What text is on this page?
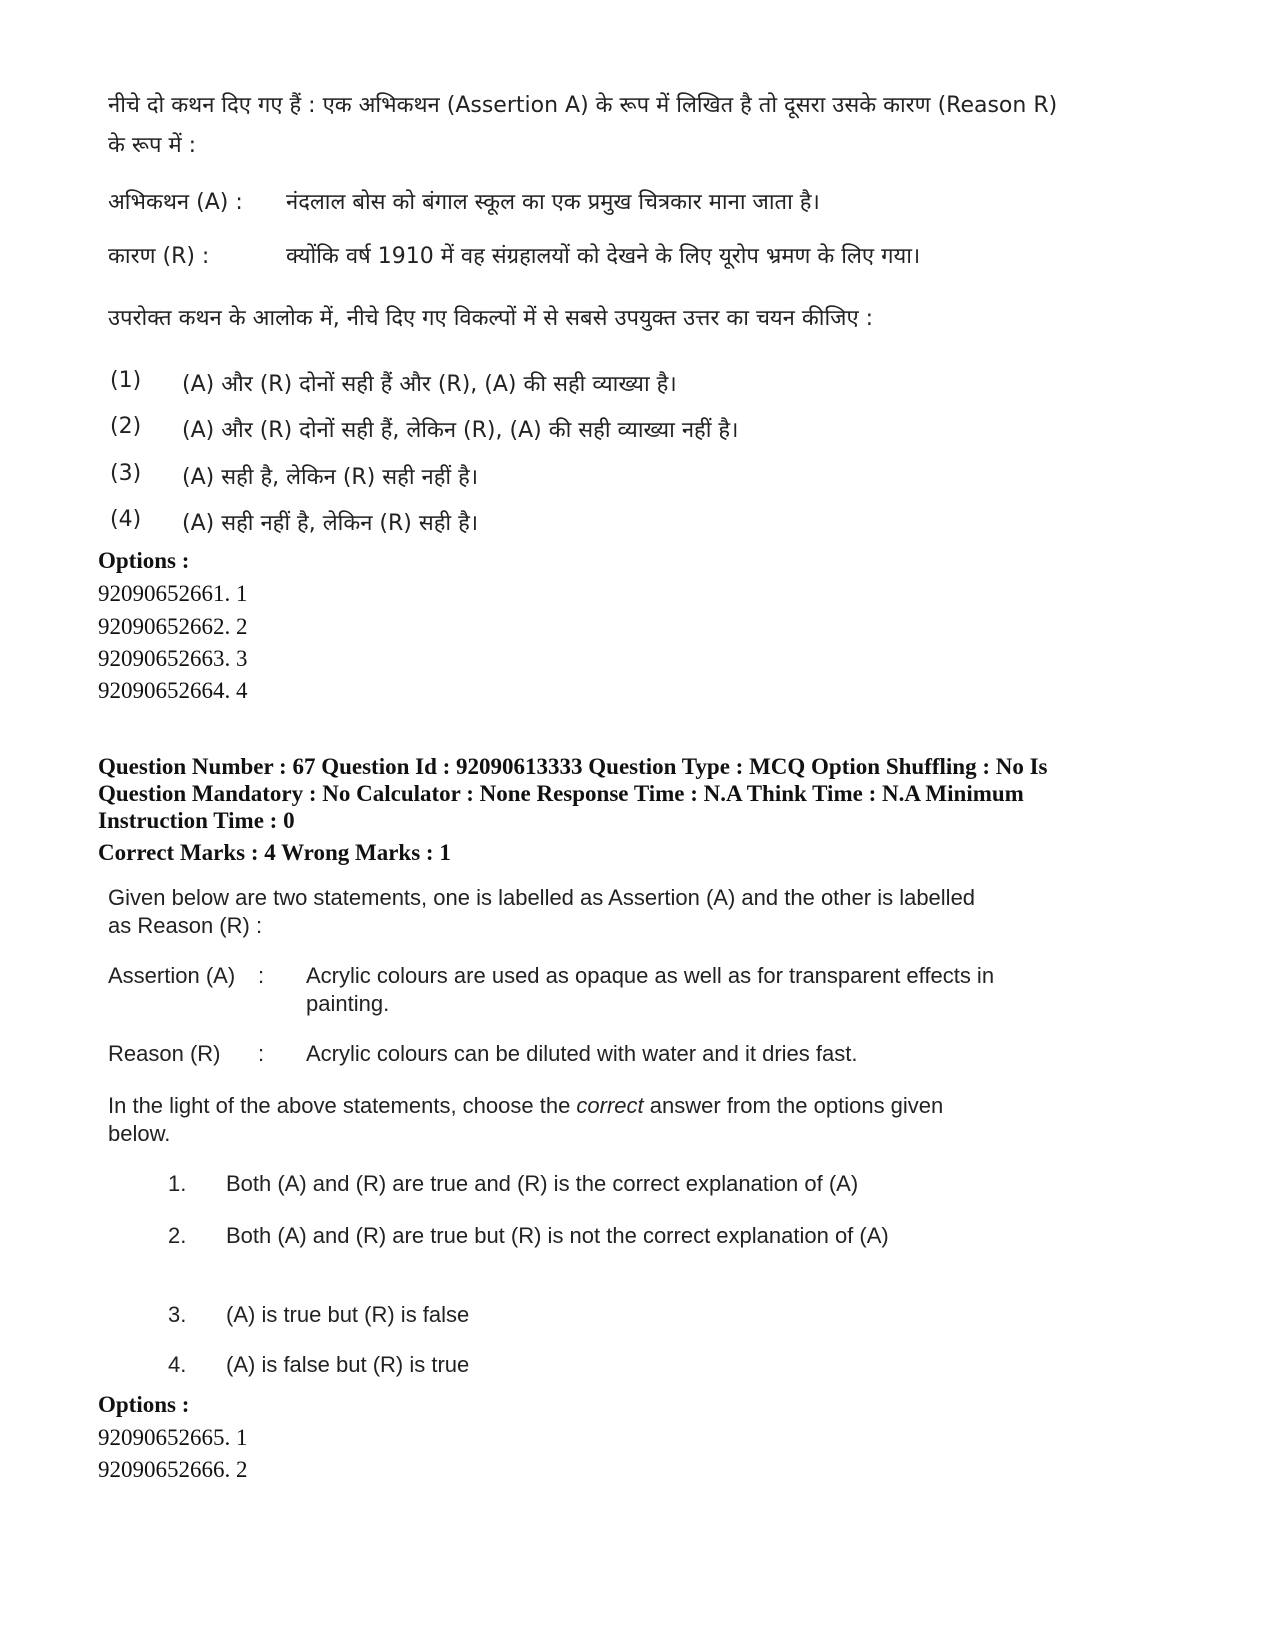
नीचे दो कथन दिए गए हैं : एक अभिकथन (Assertion A) के रूप में लिखित है तो दूसरा उसके कारण (Reason R) के रूप में :
अभिकथन (A) :	नंदलाल बोस को बंगाल स्कूल का एक प्रमुख चित्रकार माना जाता है।
कारण (R) :	क्योंकि वर्ष 1910 में वह संग्रहालयों को देखने के लिए यूरोप भ्रमण के लिए गया।
उपरोक्त कथन के आलोक में, नीचे दिए गए विकल्पों में से सबसे उपयुक्त उत्तर का चयन कीजिए :
(1)	(A) और (R) दोनों सही हैं और (R), (A) की सही व्याख्या है।
(2)	(A) और (R) दोनों सही हैं, लेकिन (R), (A) की सही व्याख्या नहीं है।
(3)	(A) सही है, लेकिन (R) सही नहीं है।
(4)	(A) सही नहीं है, लेकिन (R) सही है।
Options :
92090652661. 1
92090652662. 2
92090652663. 3
92090652664. 4
Question Number : 67 Question Id : 92090613333 Question Type : MCQ Option Shuffling : No Is
Question Mandatory : No Calculator : None Response Time : N.A Think Time : N.A Minimum
Instruction Time : 0
Correct Marks : 4 Wrong Marks : 1
Given below are two statements, one is labelled as Assertion (A) and the other is labelled as Reason (R) :
Assertion (A)	:	Acrylic colours are used as opaque as well as for transparent effects in painting.
Reason (R)	:	Acrylic colours can be diluted with water and it dries fast.
In the light of the above statements, choose the correct answer from the options given below.
1.	Both (A) and (R) are true and (R) is the correct explanation of (A)
2.	Both (A) and (R) are true but (R) is not the correct explanation of (A)
3.	(A) is true but (R) is false
4.	(A) is false but (R) is true
Options :
92090652665. 1
92090652666. 2
